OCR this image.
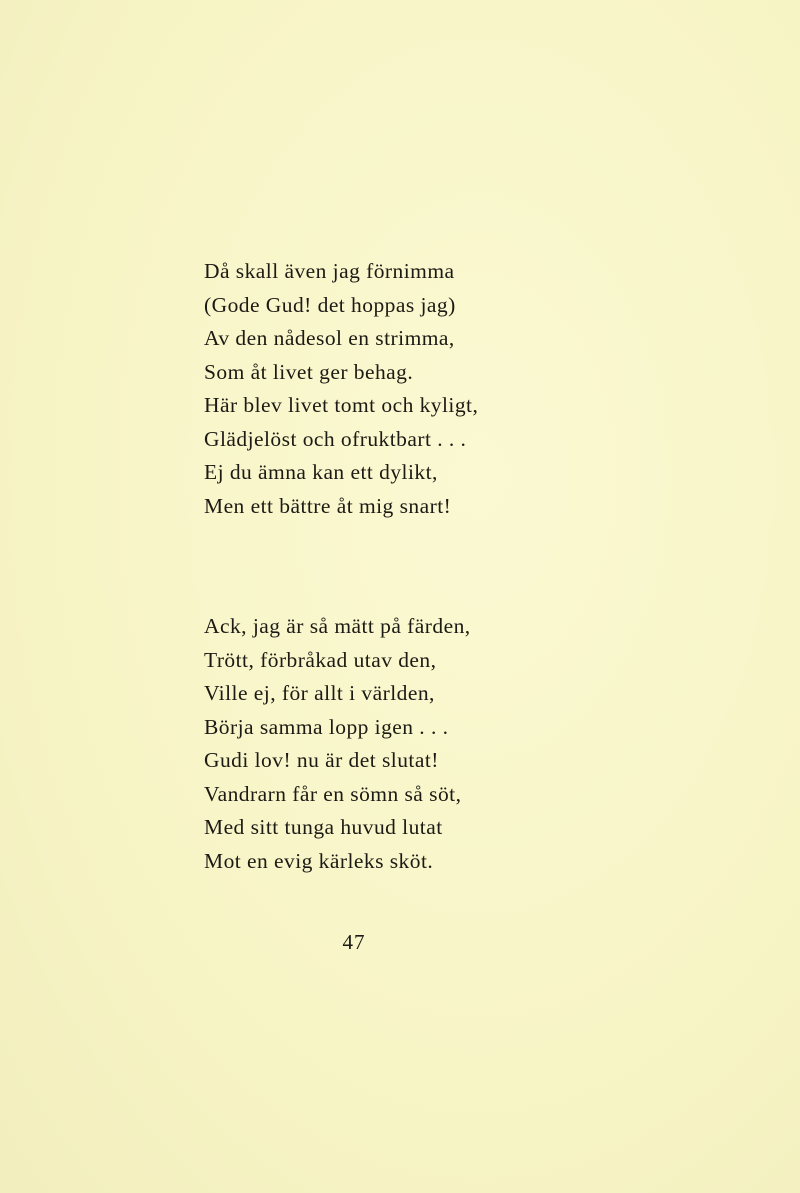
Då skall även jag förnimma
(Gode Gud! det hoppas jag)
Av den nådesol en strimma,
Som åt livet ger behag.
Här blev livet tomt och kyligt,
Glädjelöst och ofruktbart . . .
Ej du ämna kan ett dylikt,
Men ett bättre åt mig snart!
Ack, jag är så mätt på färden,
Trött, förbråkad utav den,
Ville ej, för allt i världen,
Börja samma lopp igen . . .
Gudi lov! nu är det slutat!
Vandrarn får en sömn så söt,
Med sitt tunga huvud lutat
Mot en evig kärleks sköt.
47
